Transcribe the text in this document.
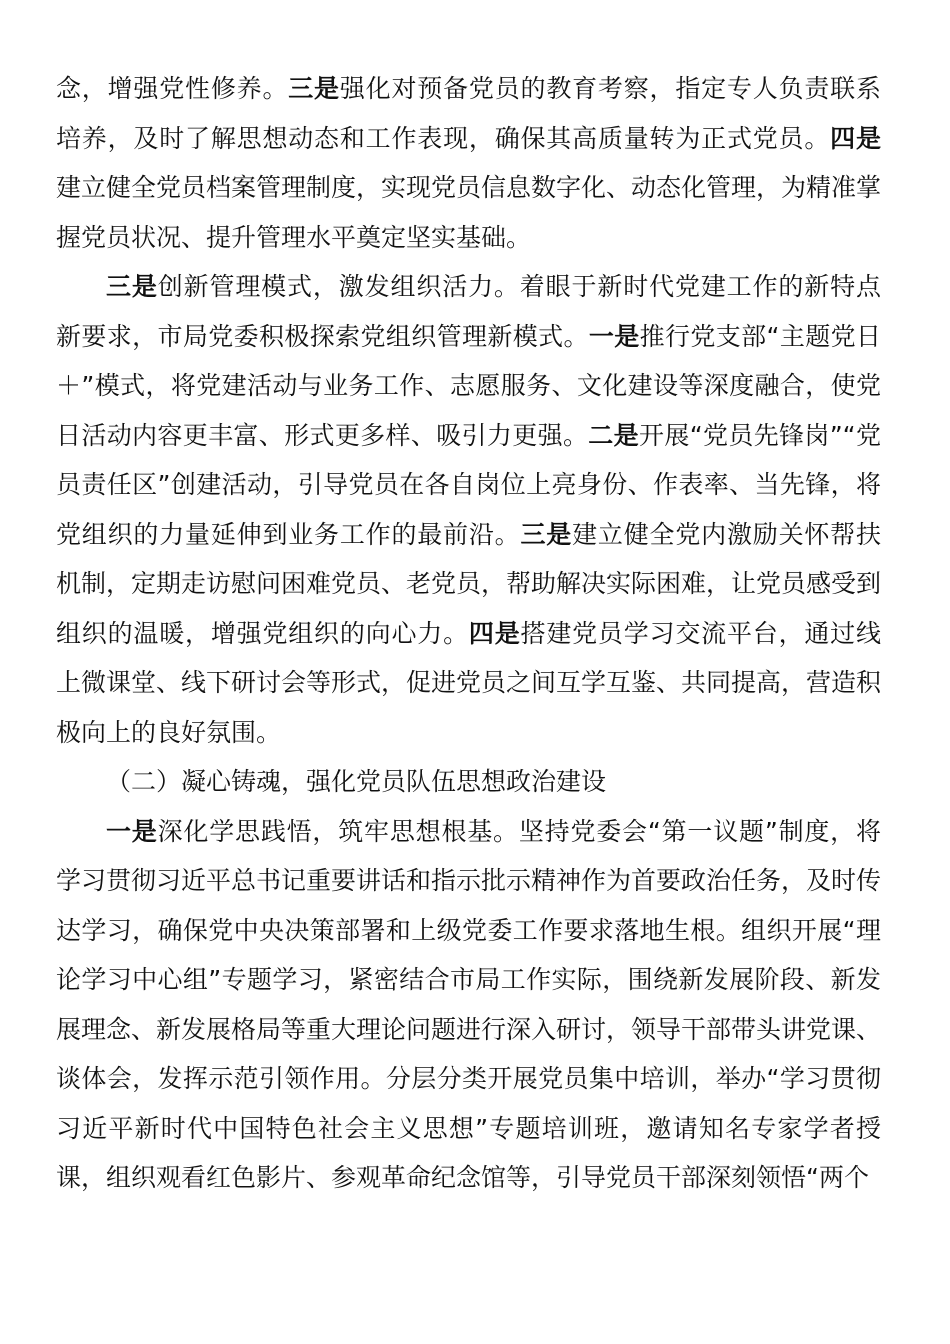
念，增强党性修养。三是强化对预备党员的教育考察，指定专人负责联系培养，及时了解思想动态和工作表现，确保其高质量转为正式党员。四是建立健全党员档案管理制度，实现党员信息数字化、动态化管理，为精准掌握党员状况、提升管理水平奠定坚实基础。

三是创新管理模式，激发组织活力。着眼于新时代党建工作的新特点新要求，市局党委积极探索党组织管理新模式。一是推行党支部“主题党日＋”模式，将党建活动与业务工作、志愿服务、文化建设等深度融合，使党日活动内容更丰富、形式更多样、吸引力更强。二是开展“党员先锋岗”“党员责任区”创建活动，引导党员在各自岗位上亮身份、作表率、当先锋，将党组织的力量延伸到业务工作的最前沿。三是建立健全党内激励关怀帮扶机制，定期走访慰问困难党员、老党员，帮助解决实际困难，让党员感受到组织的温暖，增强党组织的向心力。四是搭建党员学习交流平台，通过线上微课堂、线下研讨会等形式，促进党员之间互学互鉴、共同提高，营造积极向上的良好氛围。

（二）凝心铸魂，强化党员队伍思想政治建设

一是深化学思践悟，筑牢思想根基。坚持党委会“第一议题”制度，将学习贯彻习近平总书记重要讲话和指示批示精神作为首要政治任务，及时传达学习，确保党中央决策部署和上级党委工作要求落地生根。组织开展“理论学习中心组”专题学习，紧密结合市局工作实际，围绕新发展阶段、新发展理念、新发展格局等重大理论问题进行深入研讨，领导干部带头讲党课、谈体会，发挥示范引领作用。分层分类开展党员集中培训，举办“学习贯彻习近平新时代中国特色社会主义思想”专题培训班，邀请知名专家学者授课，组织观看红色影片、参观革命纪念馆等，引导党员干部深刻领悟“两个
